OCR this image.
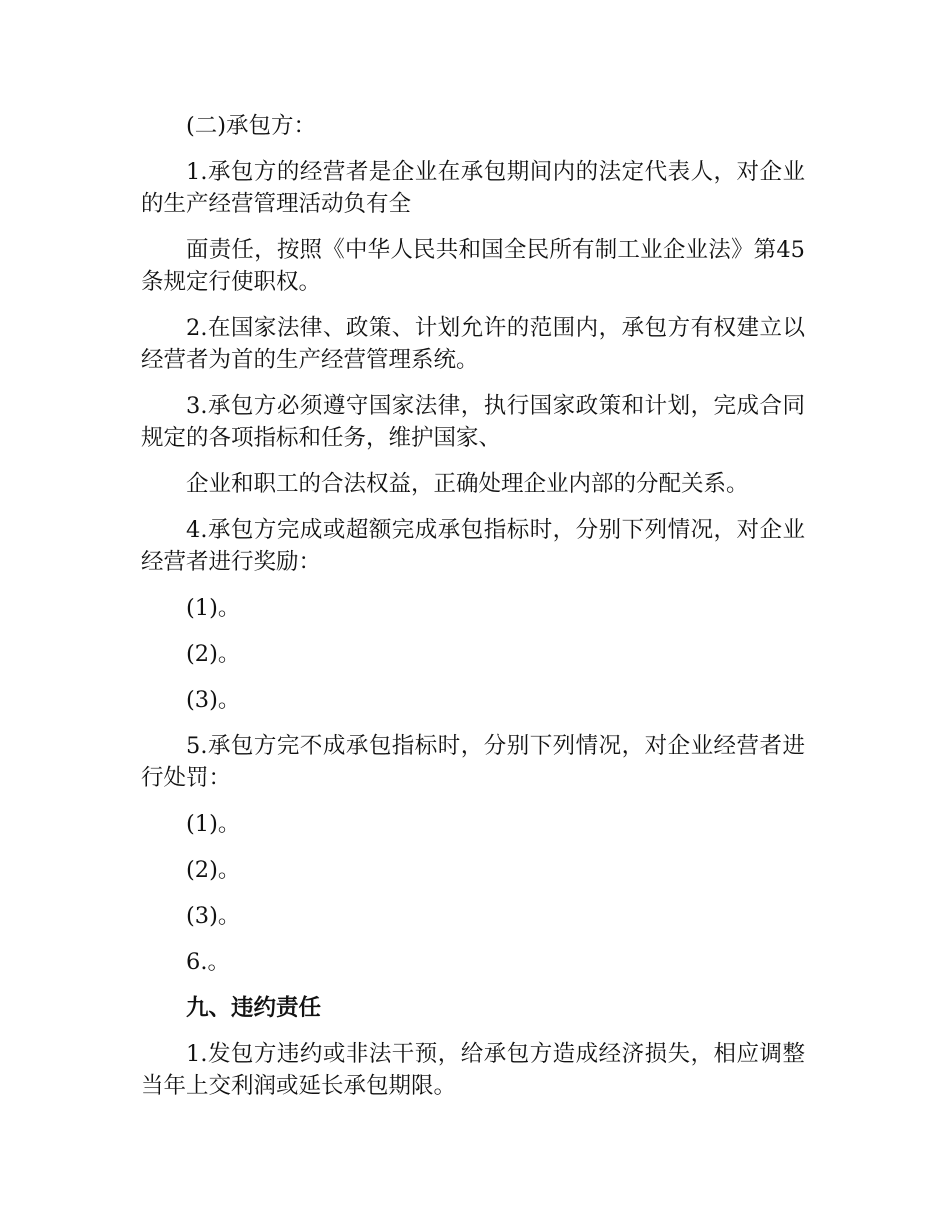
(二)承包方：

1.承包方的经营者是企业在承包期间内的法定代表人，对企业的生产经营管理活动负有全

面责任，按照《中华人民共和国全民所有制工业企业法》第45条规定行使职权。

2.在国家法律、政策、计划允许的范围内，承包方有权建立以经营者为首的生产经营管理系统。

3.承包方必须遵守国家法律，执行国家政策和计划，完成合同规定的各项指标和任务，维护国家、

企业和职工的合法权益，正确处理企业内部的分配关系。

4.承包方完成或超额完成承包指标时，分别下列情况，对企业经营者进行奖励：

(1)。

(2)。

(3)。

5.承包方完不成承包指标时，分别下列情况，对企业经营者进行处罚：

(1)。

(2)。

(3)。

6.。

九、违约责任

1.发包方违约或非法干预，给承包方造成经济损失，相应调整当年上交利润或延长承包期限。
